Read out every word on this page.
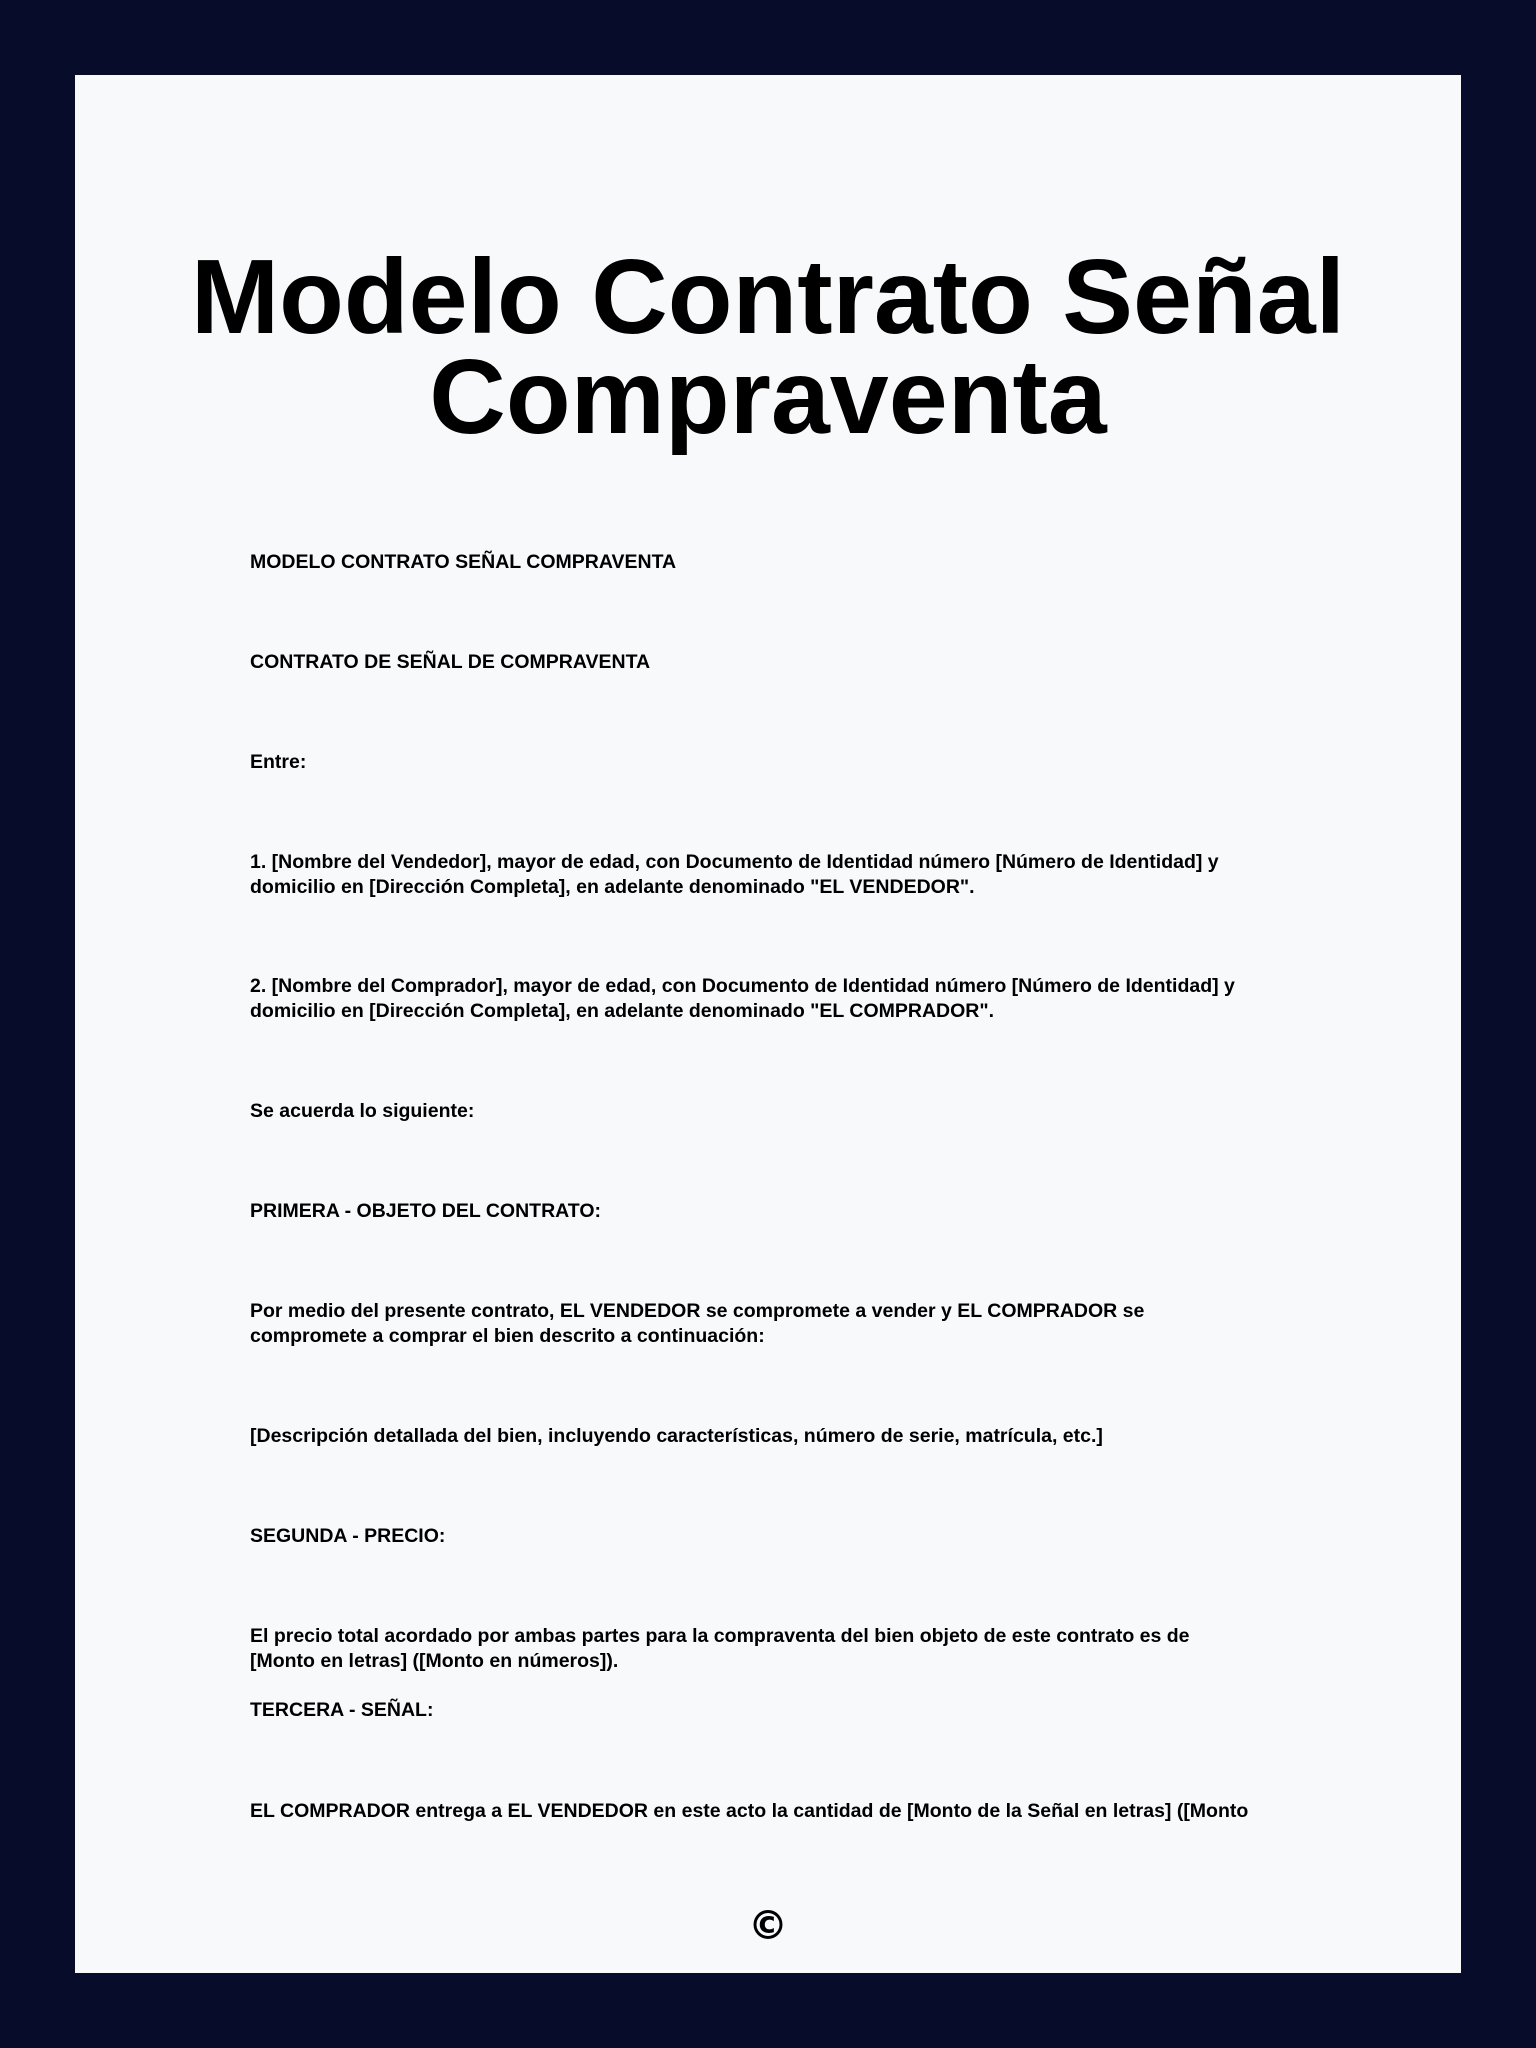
Modelo Contrato Señal
Compraventa

MODELO CONTRATO SEÑAL COMPRAVENTA

CONTRATO DE SEÑAL DE COMPRAVENTA

Entre:

1. [Nombre del Vendedor], mayor de edad, con Documento de Identidad número [Número de Identidad] y
domicilio en [Dirección Completa], en adelante denominado "EL VENDEDOR".

2. [Nombre del Comprador], mayor de edad, con Documento de Identidad número [Número de Identidad] y
domicilio en [Dirección Completa], en adelante denominado "EL COMPRADOR".

Se acuerda lo siguiente:

PRIMERA - OBJETO DEL CONTRATO:

Por medio del presente contrato, EL VENDEDOR se compromete a vender y EL COMPRADOR se
compromete a comprar el bien descrito a continuación:

[Descripción detallada del bien, incluyendo características, número de serie, matrícula, etc.]

SEGUNDA - PRECIO:

El precio total acordado por ambas partes para la compraventa del bien objeto de este contrato es de
[Monto en letras] ([Monto en números]).

TERCERA - SEÑAL:

EL COMPRADOR entrega a EL VENDEDOR en este acto la cantidad de [Monto de la Señal en letras] ([Monto

©
